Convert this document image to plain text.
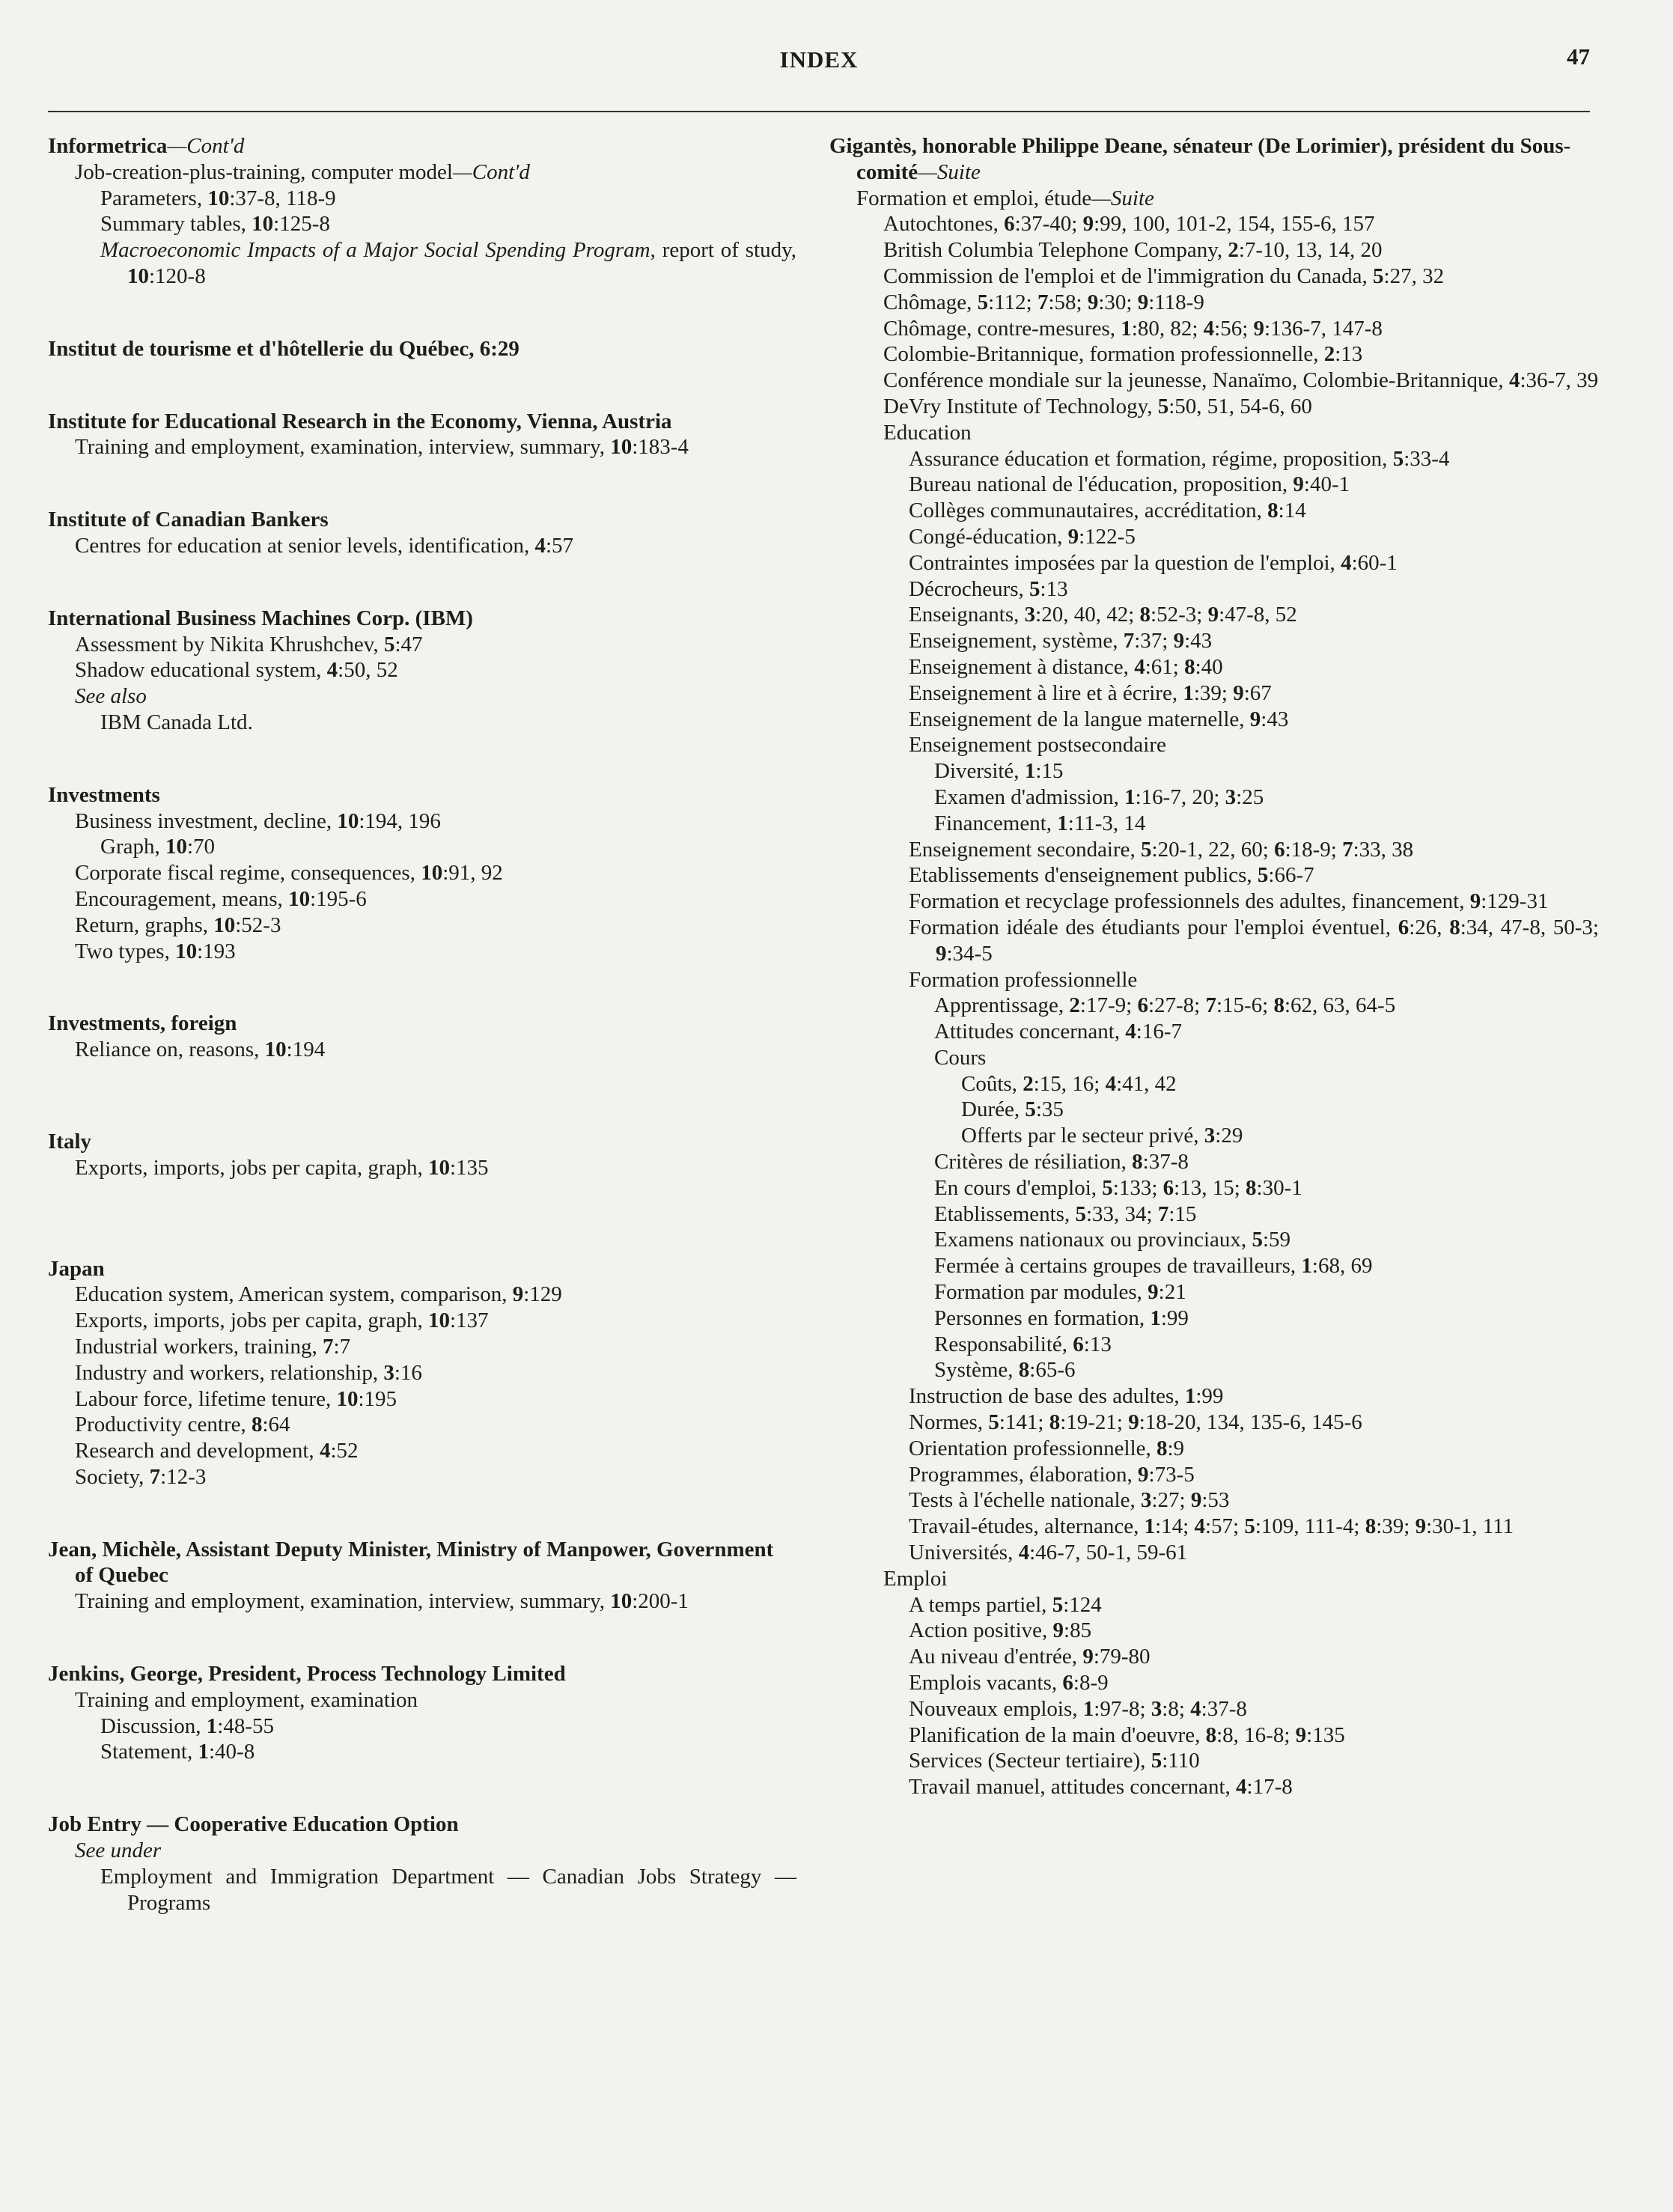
INDEX	47
Informetrica—Cont'd
Job-creation-plus-training, computer model—Cont'd
Parameters, 10:37-8, 118-9
Summary tables, 10:125-8
Macroeconomic Impacts of a Major Social Spending Program, report of study, 10:120-8
Institut de tourisme et d'hôtellerie du Québec, 6:29
Institute for Educational Research in the Economy, Vienna, Austria
Training and employment, examination, interview, summary, 10:183-4
Institute of Canadian Bankers
Centres for education at senior levels, identification, 4:57
International Business Machines Corp. (IBM)
Assessment by Nikita Khrushchev, 5:47
Shadow educational system, 4:50, 52
See also
IBM Canada Ltd.
Investments
Business investment, decline, 10:194, 196
Graph, 10:70
Corporate fiscal regime, consequences, 10:91, 92
Encouragement, means, 10:195-6
Return, graphs, 10:52-3
Two types, 10:193
Investments, foreign
Reliance on, reasons, 10:194
Italy
Exports, imports, jobs per capita, graph, 10:135
Japan
Education system, American system, comparison, 9:129
Exports, imports, jobs per capita, graph, 10:137
Industrial workers, training, 7:7
Industry and workers, relationship, 3:16
Labour force, lifetime tenure, 10:195
Productivity centre, 8:64
Research and development, 4:52
Society, 7:12-3
Jean, Michèle, Assistant Deputy Minister, Ministry of Manpower, Government of Quebec
Training and employment, examination, interview, summary, 10:200-1
Jenkins, George, President, Process Technology Limited
Training and employment, examination
Discussion, 1:48-55
Statement, 1:40-8
Job Entry — Cooperative Education Option
See under
Employment and Immigration Department — Canadian Jobs Strategy — Programs
Gigantès, honorable Philippe Deane, sénateur (De Lorimier), président du Sous-comité—Suite
Formation et emploi, étude—Suite
Autochtones, 6:37-40; 9:99, 100, 101-2, 154, 155-6, 157
British Columbia Telephone Company, 2:7-10, 13, 14, 20
Commission de l'emploi et de l'immigration du Canada, 5:27, 32
Chômage, 5:112; 7:58; 9:30; 9:118-9
Chômage, contre-mesures, 1:80, 82; 4:56; 9:136-7, 147-8
Colombie-Britannique, formation professionnelle, 2:13
Conférence mondiale sur la jeunesse, Nanaïmo, Colombie-Britannique, 4:36-7, 39
DeVry Institute of Technology, 5:50, 51, 54-6, 60
Education
Assurance éducation et formation, régime, proposition, 5:33-4
Bureau national de l'éducation, proposition, 9:40-1
Collèges communautaires, accréditation, 8:14
Congé-éducation, 9:122-5
Contraintes imposées par la question de l'emploi, 4:60-1
Décrocheurs, 5:13
Enseignants, 3:20, 40, 42; 8:52-3; 9:47-8, 52
Enseignement, système, 7:37; 9:43
Enseignement à distance, 4:61; 8:40
Enseignement à lire et à écrire, 1:39; 9:67
Enseignement de la langue maternelle, 9:43
Enseignement postsecondaire
Diversité, 1:15
Examen d'admission, 1:16-7, 20; 3:25
Financement, 1:11-3, 14
Enseignement secondaire, 5:20-1, 22, 60; 6:18-9; 7:33, 38
Etablissements d'enseignement publics, 5:66-7
Formation et recyclage professionnels des adultes, financement, 9:129-31
Formation idéale des étudiants pour l'emploi éventuel, 6:26, 8:34, 47-8, 50-3; 9:34-5
Formation professionnelle
Apprentissage, 2:17-9; 6:27-8; 7:15-6; 8:62, 63, 64-5
Attitudes concernant, 4:16-7
Cours
Coûts, 2:15, 16; 4:41, 42
Durée, 5:35
Offerts par le secteur privé, 3:29
Critères de résiliation, 8:37-8
En cours d'emploi, 5:133; 6:13, 15; 8:30-1
Etablissements, 5:33, 34; 7:15
Examens nationaux ou provinciaux, 5:59
Fermée à certains groupes de travailleurs, 1:68, 69
Formation par modules, 9:21
Personnes en formation, 1:99
Responsabilité, 6:13
Système, 8:65-6
Instruction de base des adultes, 1:99
Normes, 5:141; 8:19-21; 9:18-20, 134, 135-6, 145-6
Orientation professionnelle, 8:9
Programmes, élaboration, 9:73-5
Tests à l'échelle nationale, 3:27; 9:53
Travail-études, alternance, 1:14; 4:57; 5:109, 111-4; 8:39; 9:30-1, 111
Universités, 4:46-7, 50-1, 59-61
Emploi
A temps partiel, 5:124
Action positive, 9:85
Au niveau d'entrée, 9:79-80
Emplois vacants, 6:8-9
Nouveaux emplois, 1:97-8; 3:8; 4:37-8
Planification de la main d'oeuvre, 8:8, 16-8; 9:135
Services (Secteur tertiaire), 5:110
Travail manuel, attitudes concernant, 4:17-8
